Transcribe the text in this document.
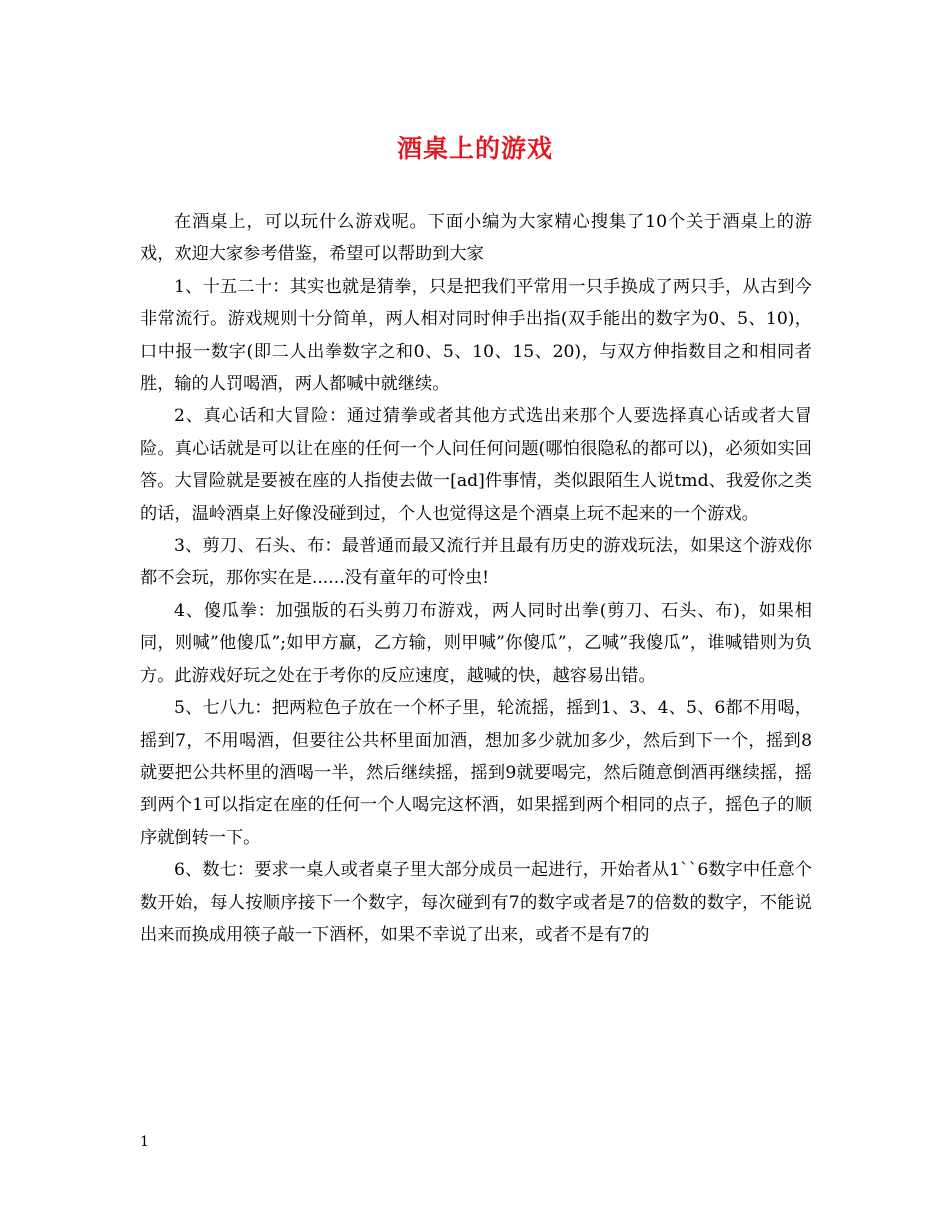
酒桌上的游戏

在酒桌上，可以玩什么游戏呢。下面小编为大家精心搜集了10个关于酒桌上的游戏，欢迎大家参考借鉴，希望可以帮助到大家

1、十五二十：其实也就是猜拳，只是把我们平常用一只手换成了两只手，从古到今非常流行。游戏规则十分简单，两人相对同时伸手出指(双手能出的数字为0、5、10)，口中报一数字(即二人出拳数字之和0、5、10、15、20)，与双方伸指数目之和相同者胜，输的人罚喝酒，两人都喊中就继续。

2、真心话和大冒险：通过猜拳或者其他方式选出来那个人要选择真心话或者大冒险。真心话就是可以让在座的任何一个人问任何问题(哪怕很隐私的都可以)，必须如实回答。大冒险就是要被在座的人指使去做一[ad]件事情，类似跟陌生人说tmd、我爱你之类的话，温岭酒桌上好像没碰到过，个人也觉得这是个酒桌上玩不起来的一个游戏。

3、剪刀、石头、布：最普通而最又流行并且最有历史的游戏玩法，如果这个游戏你都不会玩，那你实在是......没有童年的可怜虫!

4、傻瓜拳：加强版的石头剪刀布游戏，两人同时出拳(剪刀、石头、布)，如果相同，则喊”他傻瓜”;如甲方赢，乙方输，则甲喊”你傻瓜”，乙喊”我傻瓜”，谁喊错则为负方。此游戏好玩之处在于考你的反应速度，越喊的快，越容易出错。

5、七八九：把两粒色子放在一个杯子里，轮流摇，摇到1、3、4、5、6都不用喝，摇到7，不用喝酒，但要往公共杯里面加酒，想加多少就加多少，然后到下一个，摇到8就要把公共杯里的酒喝一半，然后继续摇，摇到9就要喝完，然后随意倒酒再继续摇，摇到两个1可以指定在座的任何一个人喝完这杯酒，如果摇到两个相同的点子，摇色子的顺序就倒转一下。

6、数七：要求一桌人或者桌子里大部分成员一起进行，开始者从1``6数字中任意个数开始，每人按顺序接下一个数字，每次碰到有7的数字或者是7的倍数的数字，不能说出来而换成用筷子敲一下酒杯，如果不幸说了出来，或者不是有7的

1
